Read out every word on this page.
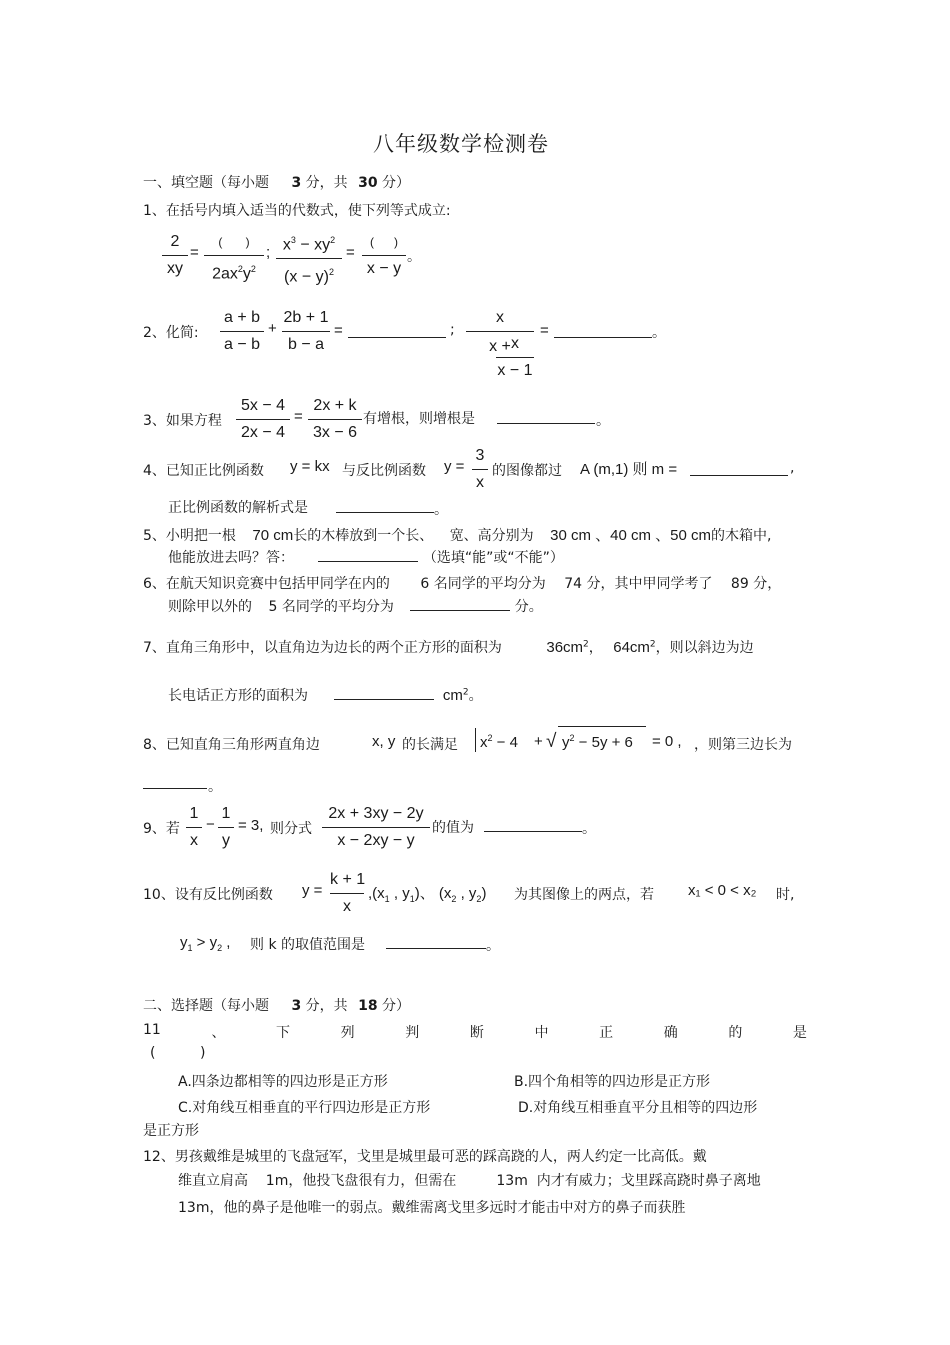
八年级数学检测卷
一、填空题（每小题 3 分，共 30 分）
1、在括号内填入适当的代数式，使下列等式成立:
$\frac{2}{xy}$ =
(       )
$2ax^2y^2$
; $\frac{x^3 - xy^2}{(x - y)^2}$ =
(      )
x − y
。
2、化简: $\frac{a + b}{a - b} + \frac{2b + 1}{b - a}$ =	; $\frac{x}{x +}$
$\frac{x}{x - 1}$
=	。
3、如果方程 $\frac{5x - 4}{2x - 4} = \frac{2x + k}{3x - 6}$ 有增根，则增根是	。
4、已知正比例函数 y = kx 与反比例函数 $y = \frac{3}{x}$ 的图像都过 A (m,1) 则 m =	,
正比例函数的解析式是	。
5、小明把一根 70 cm长的木棒放到一个长、 宽、高分别为 30 cm 、40 cm 、50 cm的木箱中,
他能放进去吗？答：	（选填“能”或“不能”）
6、在航天知识竞赛中包括甲同学在内的 6 名同学的平均分为 74 分，其中甲同学考了 89 分，
则除甲以外的 5 名同学的平均分为	分。
7、直角三角形中，以直角边为边长的两个正方形的面积为	$36cm^2$， $64cm^2$，则以斜边为边
长电话正方形的面积为	$cm^2$。
8、已知直角三角形两直角边	x, y 的长满足 $x^2 - 4$ + √ $y^2 - 5y + 6 = 0$ , ，则第三边长为
。
9、若 $\frac{1}{x} - \frac{1}{y} = 3$, 则分式 $\frac{2x + 3xy - 2y}{x - 2xy - y}$ 的值为	。
10、设有反比例函数 $y = \frac{k + 1}{x} ,(x_1$ , $y_1$)、 ($x_2$ , $y_2$) 为其图像上的两点，若 x₁ < 0 < x₂ 时,
$y_1 > y_2$ , 则 k 的取值范围是	。
二、选择题（每小题 3 分，共 18 分）
11	、	下	列	判	断	中	正	确	的	是
(          )
A.四条边都相等的四边形是正方形	B.四个角相等的四边形是正方形
C.对角线互相垂直的平行四边形是正方形	D.对角线互相垂直平分且相等的四边形
是正方形
12、男孩戴维是城里的飞盘冠军，戈里是城里最可恶的踩高跷的人，两人约定一比高低。戴
维直立肩高    1m，他投飞盘很有力，但需在         13m  内才有威力；戈里踩高跷时鼻子离地
13m，他的鼻子是他唯一的弱点。戴维需离戈里多远时才能击中对方的鼻子而获胜
